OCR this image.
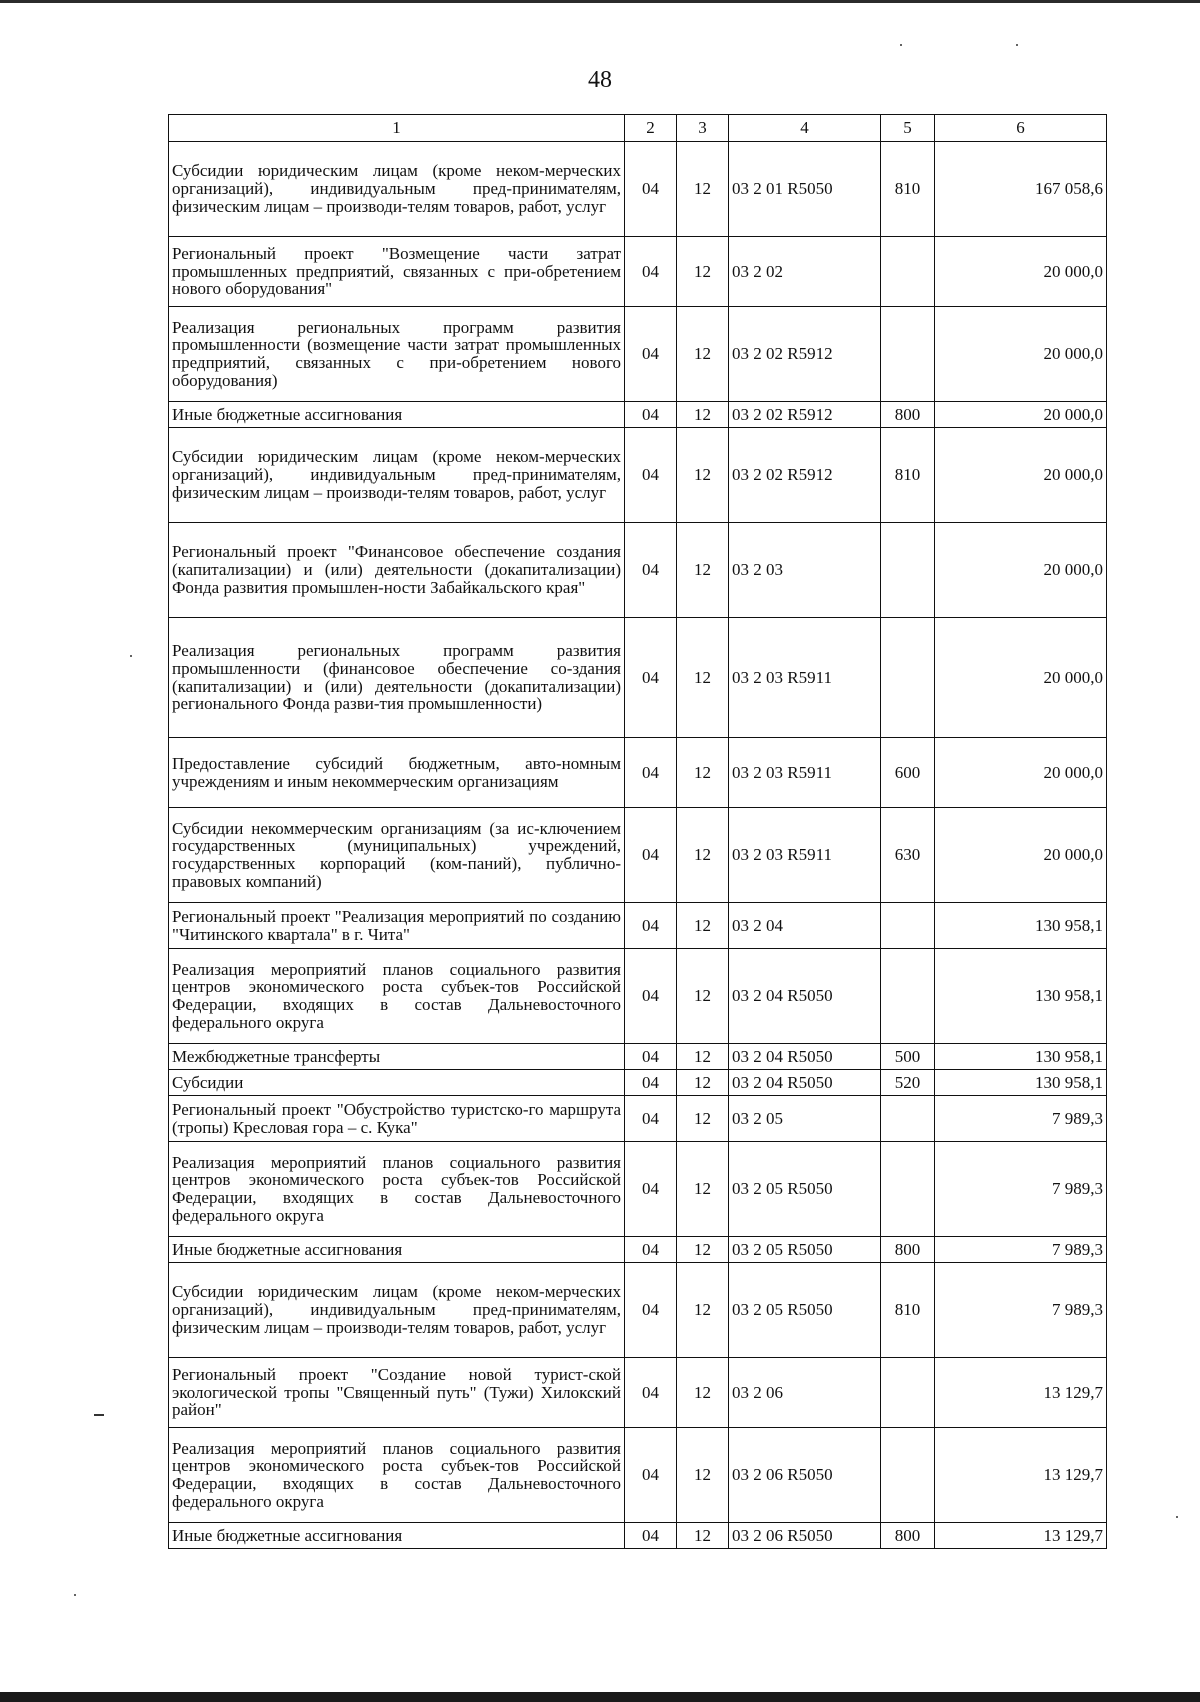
48
1	2	3	4	5	6
Субсидии юридическим лицам (кроме неком-мерческих организаций), индивидуальным пред-принимателям, физическим лицам – производи-телям товаров, работ, услуг	04	12	03 2 01 R5050	810	167 058,6
Региональный проект "Возмещение части затрат промышленных предприятий, связанных с при-обретением нового оборудования"	04	12	03 2 02		20 000,0
Реализация региональных программ развития промышленности (возмещение части затрат промышленных предприятий, связанных с при-обретением нового оборудования)	04	12	03 2 02 R5912		20 000,0
Иные бюджетные ассигнования	04	12	03 2 02 R5912	800	20 000,0
Субсидии юридическим лицам (кроме неком-мерческих организаций), индивидуальным пред-принимателям, физическим лицам – производи-телям товаров, работ, услуг	04	12	03 2 02 R5912	810	20 000,0
Региональный проект "Финансовое обеспечение создания (капитализации) и (или) деятельности (докапитализации) Фонда развития промышлен-ности Забайкальского края"	04	12	03 2 03		20 000,0
Реализация региональных программ развития промышленности (финансовое обеспечение со-здания (капитализации) и (или) деятельности (докапитализации) регионального Фонда разви-тия промышленности)	04	12	03 2 03 R5911		20 000,0
Предоставление субсидий бюджетным, авто-номным учреждениям и иным некоммерческим организациям	04	12	03 2 03 R5911	600	20 000,0
Субсидии некоммерческим организациям (за ис-ключением государственных (муниципальных) учреждений, государственных корпораций (ком-паний), публично-правовых компаний)	04	12	03 2 03 R5911	630	20 000,0
Региональный проект "Реализация мероприятий по созданию "Читинского квартала" в г. Чита"	04	12	03 2 04		130 958,1
Реализация мероприятий планов социального развития центров экономического роста субъек-тов Российской Федерации, входящих в состав Дальневосточного федерального округа	04	12	03 2 04 R5050		130 958,1
Межбюджетные трансферты	04	12	03 2 04 R5050	500	130 958,1
Субсидии	04	12	03 2 04 R5050	520	130 958,1
Региональный проект "Обустройство туристско-го маршрута (тропы) Кресловая гора – с. Кука"	04	12	03 2 05		7 989,3
Реализация мероприятий планов социального развития центров экономического роста субъек-тов Российской Федерации, входящих в состав Дальневосточного федерального округа	04	12	03 2 05 R5050		7 989,3
Иные бюджетные ассигнования	04	12	03 2 05 R5050	800	7 989,3
Субсидии юридическим лицам (кроме неком-мерческих организаций), индивидуальным пред-принимателям, физическим лицам – производи-телям товаров, работ, услуг	04	12	03 2 05 R5050	810	7 989,3
Региональный проект "Создание новой турист-ской экологической тропы "Священный путь" (Тужи) Хилокский район"	04	12	03 2 06		13 129,7
Реализация мероприятий планов социального развития центров экономического роста субъек-тов Российской Федерации, входящих в состав Дальневосточного федерального округа	04	12	03 2 06 R5050		13 129,7
Иные бюджетные ассигнования	04	12	03 2 06 R5050	800	13 129,7
